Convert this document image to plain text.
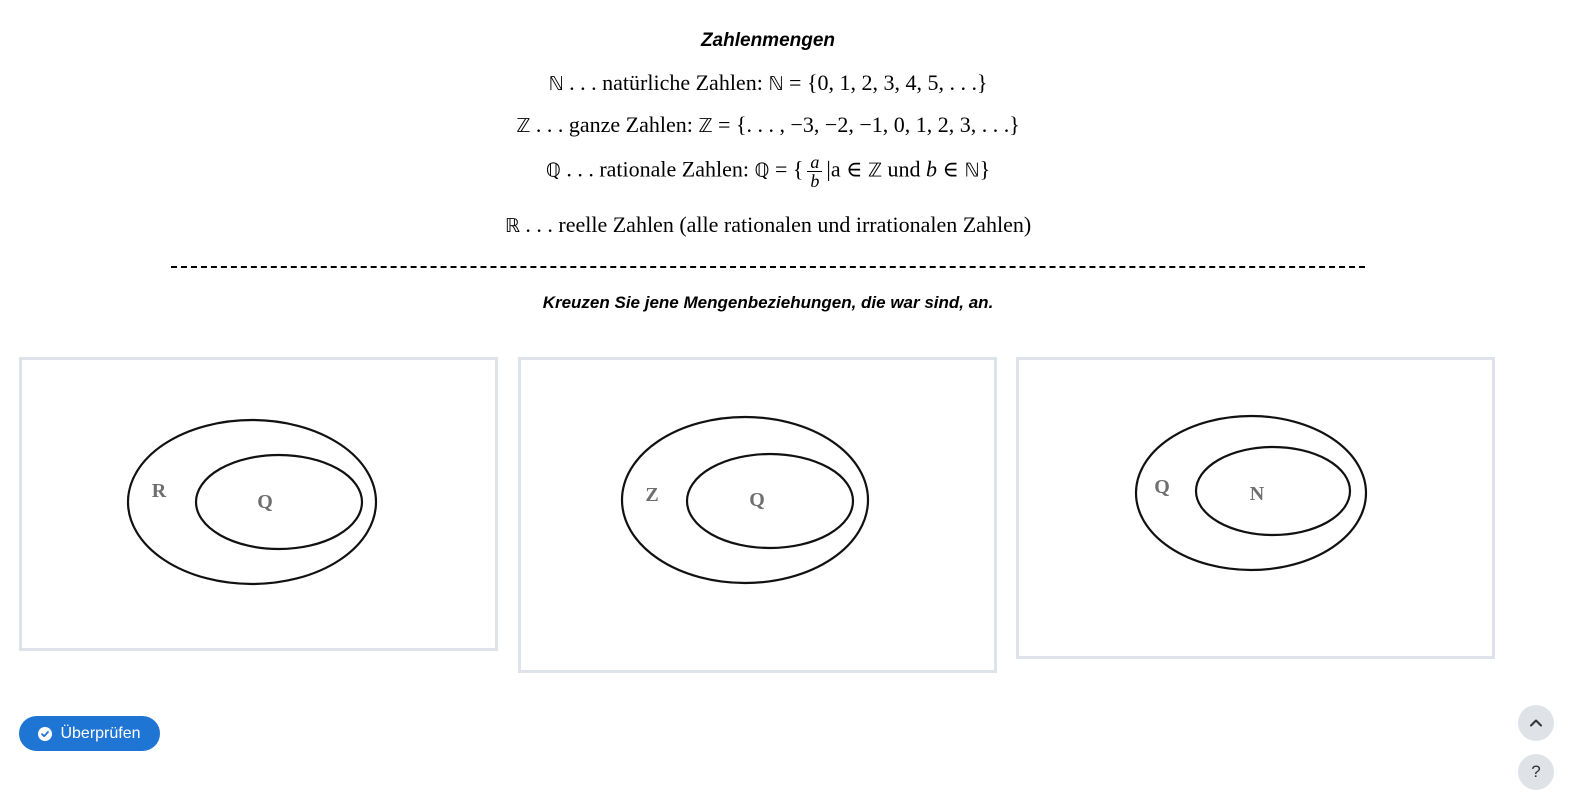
Zahlenmengen
ℕ . . . natürliche Zahlen: ℕ = {0, 1, 2, 3, 4, 5, . . .}
ℤ . . . ganze Zahlen: ℤ = {. . . , −3, −2, −1, 0, 1, 2, 3, . . .}
ℚ . . . rationale Zahlen: ℚ = { $\frac{a}{b} |a$ ∈ ℤ und b ∈ ℕ}
ℝ . . . reelle Zahlen (alle rationalen und irrationalen Zahlen)
Kreuzen Sie jene Mengenbeziehungen, die war sind, an.
R	Q	Z	Q
Q	N
Überprüfen
?
